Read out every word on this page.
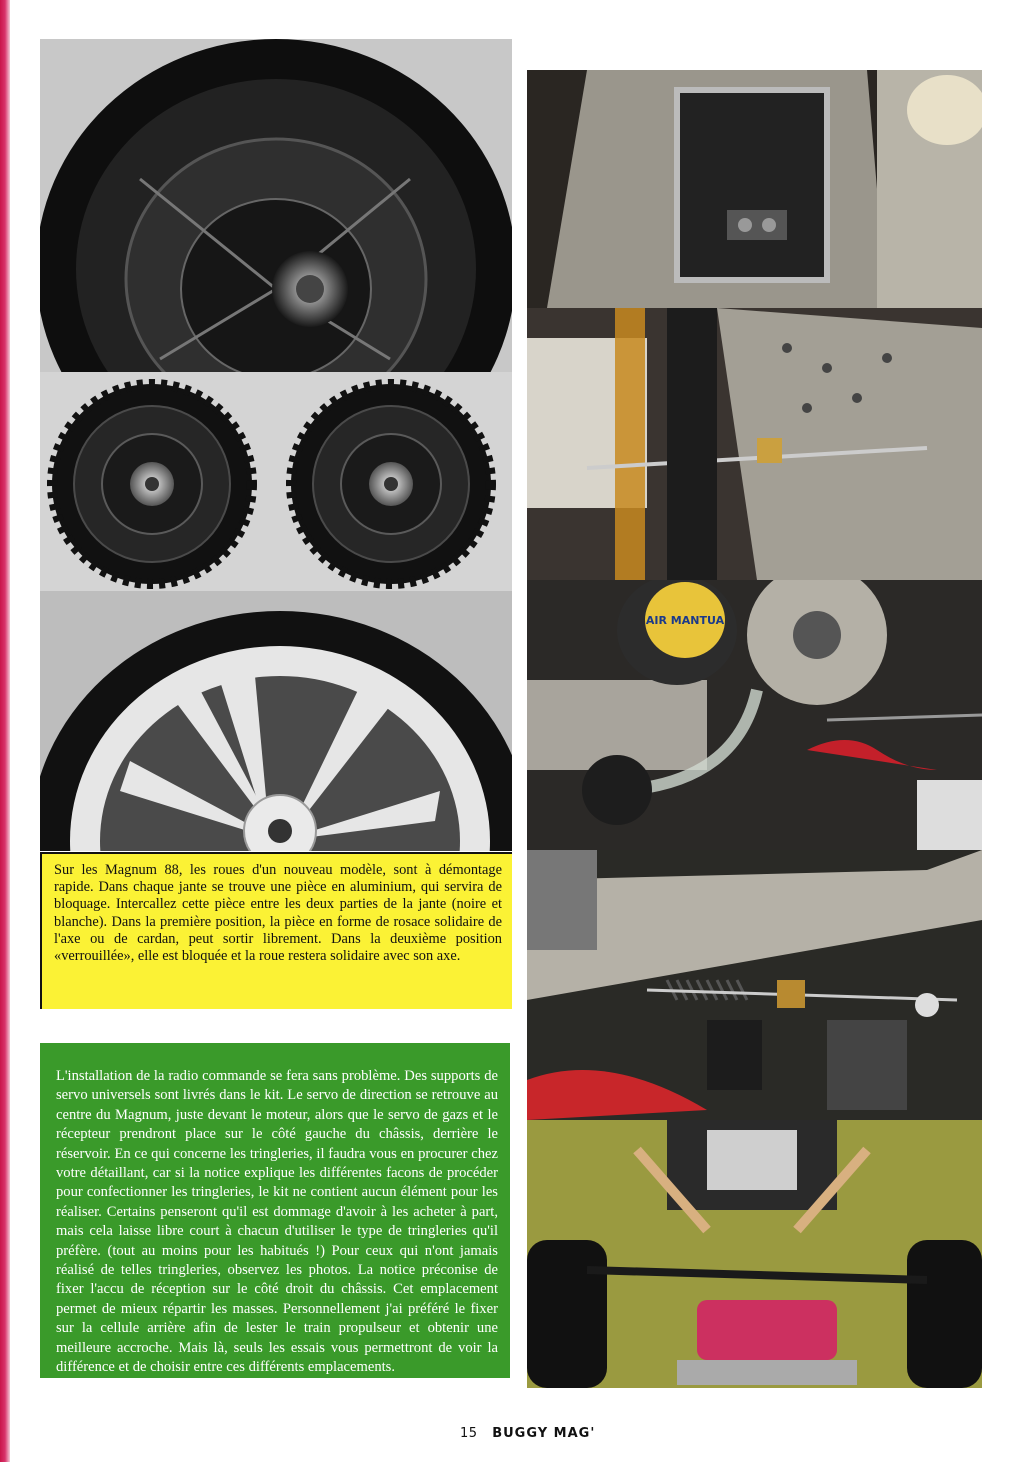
Sur les Magnum 88, les roues d'un nouveau modèle, sont à démontage rapide. Dans chaque jante se trouve une pièce en aluminium, qui servira de bloquage. Intercallez cette pièce entre les deux parties de la jante (noire et blanche). Dans la première position, la pièce en forme de rosace solidaire de l'axe ou de cardan, peut sortir librement. Dans la deuxième position «verrouillée», elle est bloquée et la roue restera solidaire avec son axe.
L'installation de la radio commande se fera sans problème. Des supports de servo universels sont livrés dans le kit. Le servo de direction se retrouve au centre du Magnum, juste devant le moteur, alors que le servo de gazs et le récepteur prendront place sur le côté gauche du châssis, derrière le réservoir. En ce qui concerne les tringleries, il faudra vous en procurer chez votre détaillant, car si la notice explique les différentes facons de procéder pour confectionner les tringleries, le kit ne contient aucun élément pour les réaliser. Certains penseront qu'il est dommage d'avoir à les acheter à part, mais cela laisse libre court à chacun d'utiliser le type de tringleries qu'il préfère. (tout au moins pour les habitués !) Pour ceux qui n'ont jamais réalisé de telles tringleries, observez les photos. La notice préconise de fixer l'accu de réception sur le côté droit du châssis. Cet emplacement permet de mieux répartir les masses. Personnellement j'ai préféré le fixer sur la cellule arrière afin de lester le train propulseur et obtenir une meilleure accroche. Mais là, seuls les essais vous permettront de voir la différence et de choisir entre ces différents emplacements.
AIR MANTUA
15 BUGGY MAG'
